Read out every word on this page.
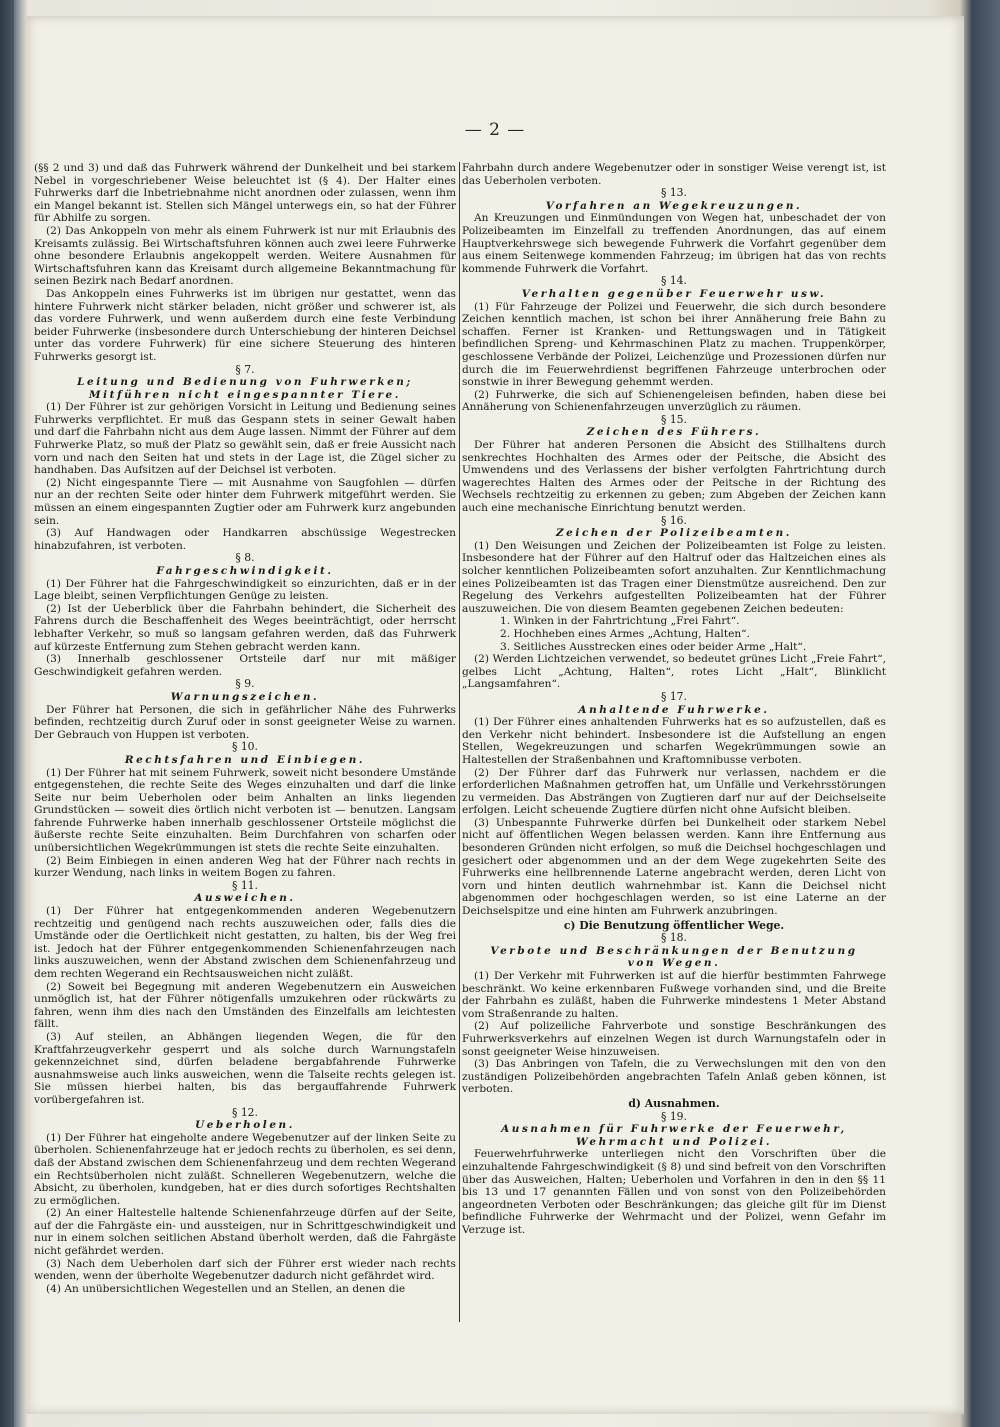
— 2 —

(§§ 2 und 3) und daß das Fuhrwerk während der Dunkelheit und bei starkem Nebel in vorgeschriebener Weise beleuchtet ist (§ 4). Der Halter eines Fuhrwerks darf die Inbetriebnahme nicht anordnen oder zulassen, wenn ihm ein Mangel bekannt ist. Stellen sich Mängel unterwegs ein, so hat der Führer für Abhilfe zu sorgen.

(2) Das Ankoppeln von mehr als einem Fuhrwerk ist nur mit Erlaubnis des Kreisamts zulässig. Bei Wirtschaftsfuhren können auch zwei leere Fuhrwerke ohne besondere Erlaubnis angekoppelt werden. Weitere Ausnahmen für Wirtschaftsfuhren kann das Kreisamt durch allgemeine Bekanntmachung für seinen Bezirk nach Bedarf anordnen.

Das Ankoppeln eines Fuhrwerks ist im übrigen nur gestattet, wenn das hintere Fuhrwerk nicht stärker beladen, nicht größer und schwerer ist, als das vordere Fuhrwerk, und wenn außerdem durch eine feste Verbindung beider Fuhrwerke (insbesondere durch Unterschiebung der hinteren Deichsel unter das vordere Fuhrwerk) für eine sichere Steuerung des hinteren Fuhrwerks gesorgt ist.

§ 7.

Leitung und Bedienung von Fuhrwerken;

Mitführen nicht eingespannter Tiere.

(1) Der Führer ist zur gehörigen Vorsicht in Leitung und Bedienung seines Fuhrwerks verpflichtet. Er muß das Gespann stets in seiner Gewalt haben und darf die Fahrbahn nicht aus dem Auge lassen. Nimmt der Führer auf dem Fuhrwerke Platz, so muß der Platz so gewählt sein, daß er freie Aussicht nach vorn und nach den Seiten hat und stets in der Lage ist, die Zügel sicher zu handhaben. Das Aufsitzen auf der Deichsel ist verboten.

(2) Nicht eingespannte Tiere — mit Ausnahme von Saugfohlen — dürfen nur an der rechten Seite oder hinter dem Fuhrwerk mitgeführt werden. Sie müssen an einem eingespannten Zugtier oder am Fuhrwerk kurz angebunden sein.

(3) Auf Handwagen oder Handkarren abschüssige Wegestrecken hinabzufahren, ist verboten.

§ 8.

Fahrgeschwindigkeit.

(1) Der Führer hat die Fahrgeschwindigkeit so einzurichten, daß er in der Lage bleibt, seinen Verpflichtungen Genüge zu leisten.

(2) Ist der Ueberblick über die Fahrbahn behindert, die Sicherheit des Fahrens durch die Beschaffenheit des Weges beeinträchtigt, oder herrscht lebhafter Verkehr, so muß so langsam gefahren werden, daß das Fuhrwerk auf kürzeste Entfernung zum Stehen gebracht werden kann.

(3) Innerhalb geschlossener Ortsteile darf nur mit mäßiger Geschwindigkeit gefahren werden.

§ 9.

Warnungszeichen.

Der Führer hat Personen, die sich in gefährlicher Nähe des Fuhrwerks befinden, rechtzeitig durch Zuruf oder in sonst geeigneter Weise zu warnen. Der Gebrauch von Huppen ist verboten.

§ 10.

Rechtsfahren und Einbiegen.

(1) Der Führer hat mit seinem Fuhrwerk, soweit nicht besondere Umstände entgegenstehen, die rechte Seite des Weges einzuhalten und darf die linke Seite nur beim Ueberholen oder beim Anhalten an links liegenden Grundstücken — soweit dies örtlich nicht verboten ist — benutzen. Langsam fahrende Fuhrwerke haben innerhalb geschlossener Ortsteile möglichst die äußerste rechte Seite einzuhalten. Beim Durchfahren von scharfen oder unübersichtlichen Wegekrümmungen ist stets die rechte Seite einzuhalten.

(2) Beim Einbiegen in einen anderen Weg hat der Führer nach rechts in kurzer Wendung, nach links in weitem Bogen zu fahren.

§ 11.

Ausweichen.

(1) Der Führer hat entgegenkommenden anderen Wegebenutzern rechtzeitig und genügend nach rechts auszuweichen oder, falls dies die Umstände oder die Oertlichkeit nicht gestatten, zu halten, bis der Weg frei ist. Jedoch hat der Führer entgegenkommenden Schienenfahrzeugen nach links auszuweichen, wenn der Abstand zwischen dem Schienenfahrzeug und dem rechten Wegerand ein Rechtsausweichen nicht zuläßt.

(2) Soweit bei Begegnung mit anderen Wegebenutzern ein Ausweichen unmöglich ist, hat der Führer nötigenfalls umzukehren oder rückwärts zu fahren, wenn ihm dies nach den Umständen des Einzelfalls am leichtesten fällt.

(3) Auf steilen, an Abhängen liegenden Wegen, die für den Kraftfahrzeugverkehr gesperrt und als solche durch Warnungstafeln gekennzeichnet sind, dürfen beladene bergabfahrende Fuhrwerke ausnahmsweise auch links ausweichen, wenn die Talseite rechts gelegen ist. Sie müssen hierbei halten, bis das bergauffahrende Fuhrwerk vorübergefahren ist.

§ 12.

Ueberholen.

(1) Der Führer hat eingeholte andere Wegebenutzer auf der linken Seite zu überholen. Schienenfahrzeuge hat er jedoch rechts zu überholen, es sei denn, daß der Abstand zwischen dem Schienenfahrzeug und dem rechten Wegerand ein Rechtsüberholen nicht zuläßt. Schnelleren Wegebenutzern, welche die Absicht, zu überholen, kundgeben, hat er dies durch sofortiges Rechtshalten zu ermöglichen.

(2) An einer Haltestelle haltende Schienenfahrzeuge dürfen auf der Seite, auf der die Fahrgäste ein- und aussteigen, nur in Schrittgeschwindigkeit und nur in einem solchen seitlichen Abstand überholt werden, daß die Fahrgäste nicht gefährdet werden.

(3) Nach dem Ueberholen darf sich der Führer erst wieder nach rechts wenden, wenn der überholte Wegebenutzer dadurch nicht gefährdet wird.

(4) An unübersichtlichen Wegestellen und an Stellen, an denen die

Fahrbahn durch andere Wegebenutzer oder in sonstiger Weise verengt ist, ist das Ueberholen verboten.

§ 13.

Vorfahren an Wegekreuzungen.

An Kreuzungen und Einmündungen von Wegen hat, unbeschadet der von Polizeibeamten im Einzelfall zu treffenden Anordnungen, das auf einem Hauptverkehrswege sich bewegende Fuhrwerk die Vorfahrt gegenüber dem aus einem Seitenwege kommenden Fahrzeug; im übrigen hat das von rechts kommende Fuhrwerk die Vorfahrt.

§ 14.

Verhalten gegenüber Feuerwehr usw.

(1) Für Fahrzeuge der Polizei und Feuerwehr, die sich durch besondere Zeichen kenntlich machen, ist schon bei ihrer Annäherung freie Bahn zu schaffen. Ferner ist Kranken- und Rettungswagen und in Tätigkeit befindlichen Spreng- und Kehrmaschinen Platz zu machen. Truppenkörper, geschlossene Verbände der Polizei, Leichenzüge und Prozessionen dürfen nur durch die im Feuerwehrdienst begriffenen Fahrzeuge unterbrochen oder sonstwie in ihrer Bewegung gehemmt werden.

(2) Fuhrwerke, die sich auf Schienengeleisen befinden, haben diese bei Annäherung von Schienenfahrzeugen unverzüglich zu räumen.

§ 15.

Zeichen des Führers.

Der Führer hat anderen Personen die Absicht des Stillhaltens durch senkrechtes Hochhalten des Armes oder der Peitsche, die Absicht des Umwendens und des Verlassens der bisher verfolgten Fahrtrichtung durch wagerechtes Halten des Armes oder der Peitsche in der Richtung des Wechsels rechtzeitig zu erkennen zu geben; zum Abgeben der Zeichen kann auch eine mechanische Einrichtung benutzt werden.

§ 16.

Zeichen der Polizeibeamten.

(1) Den Weisungen und Zeichen der Polizeibeamten ist Folge zu leisten. Insbesondere hat der Führer auf den Haltruf oder das Haltzeichen eines als solcher kenntlichen Polizeibeamten sofort anzuhalten. Zur Kenntlichmachung eines Polizeibeamten ist das Tragen einer Dienstmütze ausreichend. Den zur Regelung des Verkehrs aufgestellten Polizeibeamten hat der Führer auszuweichen. Die von diesem Beamten gegebenen Zeichen bedeuten:

1. Winken in der Fahrtrichtung „Frei Fahrt“.

2. Hochheben eines Armes „Achtung, Halten“.

3. Seitliches Ausstrecken eines oder beider Arme „Halt“.

(2) Werden Lichtzeichen verwendet, so bedeutet grünes Licht „Freie Fahrt“, gelbes Licht „Achtung, Halten“, rotes Licht „Halt“, Blinklicht „Langsamfahren“.

§ 17.

Anhaltende Fuhrwerke.

(1) Der Führer eines anhaltenden Fuhrwerks hat es so aufzustellen, daß es den Verkehr nicht behindert. Insbesondere ist die Aufstellung an engen Stellen, Wegekreuzungen und scharfen Wegekrümmungen sowie an Haltestellen der Straßenbahnen und Kraftomnibusse verboten.

(2) Der Führer darf das Fuhrwerk nur verlassen, nachdem er die erforderlichen Maßnahmen getroffen hat, um Unfälle und Verkehrsstörungen zu vermeiden. Das Absträngen von Zugtieren darf nur auf der Deichselseite erfolgen. Leicht scheuende Zugtiere dürfen nicht ohne Aufsicht bleiben.

(3) Unbespannte Fuhrwerke dürfen bei Dunkelheit oder starkem Nebel nicht auf öffentlichen Wegen belassen werden. Kann ihre Entfernung aus besonderen Gründen nicht erfolgen, so muß die Deichsel hochgeschlagen und gesichert oder abgenommen und an der dem Wege zugekehrten Seite des Fuhrwerks eine hellbrennende Laterne angebracht werden, deren Licht von vorn und hinten deutlich wahrnehmbar ist. Kann die Deichsel nicht abgenommen oder hochgeschlagen werden, so ist eine Laterne an der Deichselspitze und eine hinten am Fuhrwerk anzubringen.

c) Die Benutzung öffentlicher Wege.

§ 18.

Verbote und Beschränkungen der Benutzung

von Wegen.

(1) Der Verkehr mit Fuhrwerken ist auf die hierfür bestimmten Fahrwege beschränkt. Wo keine erkennbaren Fußwege vorhanden sind, und die Breite der Fahrbahn es zuläßt, haben die Fuhrwerke mindestens 1 Meter Abstand vom Straßenrande zu halten.

(2) Auf polizeiliche Fahrverbote und sonstige Beschränkungen des Fuhrwerksverkehrs auf einzelnen Wegen ist durch Warnungstafeln oder in sonst geeigneter Weise hinzuweisen.

(3) Das Anbringen von Tafeln, die zu Verwechslungen mit den von den zuständigen Polizeibehörden angebrachten Tafeln Anlaß geben können, ist verboten.

d) Ausnahmen.

§ 19.

Ausnahmen für Fuhrwerke der Feuerwehr,

Wehrmacht und Polizei.

Feuerwehrfuhrwerke unterliegen nicht den Vorschriften über die einzuhaltende Fahrgeschwindigkeit (§ 8) und sind befreit von den Vorschriften über das Ausweichen, Halten; Ueberholen und Vorfahren in den in den §§ 11 bis 13 und 17 genannten Fällen und von sonst von den Polizeibehörden angeordneten Verboten oder Beschränkungen; das gleiche gilt für im Dienst befindliche Fuhrwerke der Wehrmacht und der Polizei, wenn Gefahr im Verzuge ist.
